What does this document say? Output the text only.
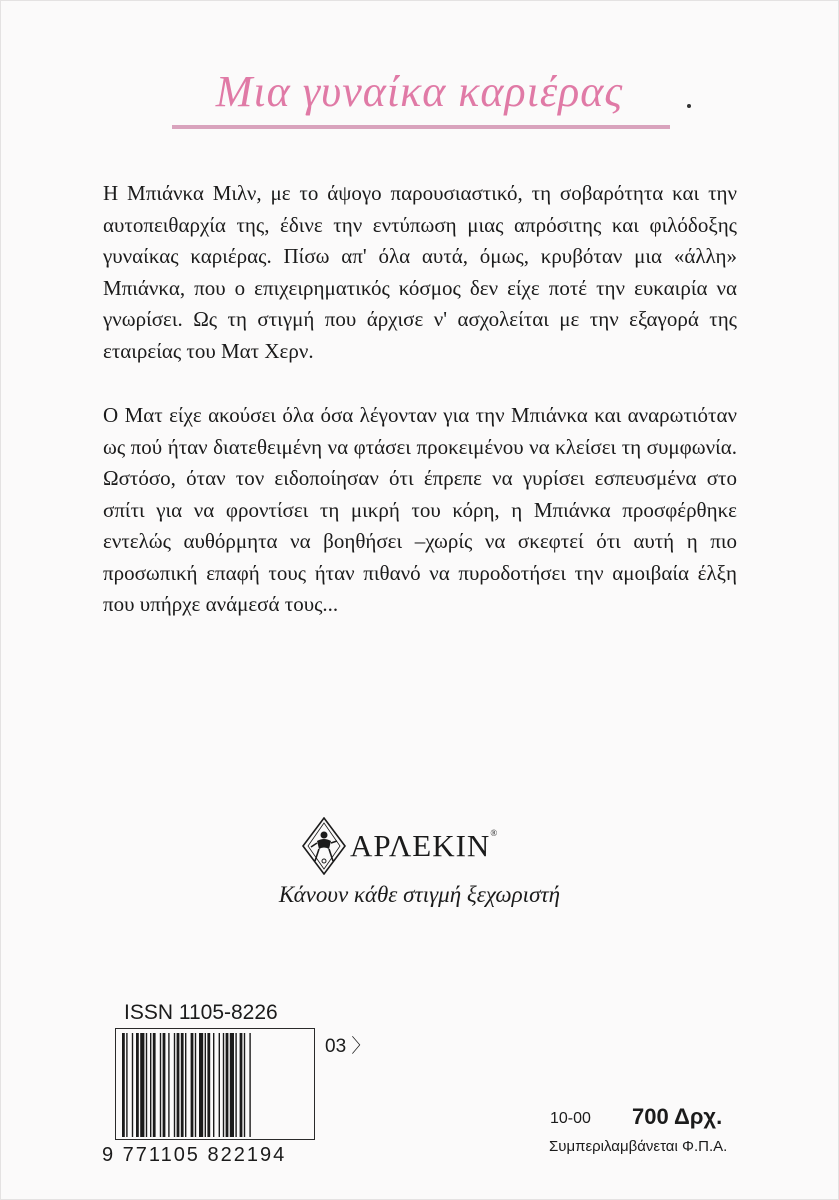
Μια γυναίκα καριέρας

Η Μπιάνκα Μιλν, με το άψογο παρουσιαστικό, τη σοβαρότητα και την αυτοπειθαρχία της, έδινε την εντύπωση μιας απρόσιτης και φιλόδοξης γυναίκας καριέρας. Πίσω απ' όλα αυτά, όμως, κρυβόταν μια «άλλη» Μπιάνκα, που ο επιχειρηματικός κόσμος δεν είχε ποτέ την ευκαιρία να γνωρίσει. Ως τη στιγμή που άρχισε ν' ασχολείται με την εξαγορά της εταιρείας του Ματ Χερν.

Ο Ματ είχε ακούσει όλα όσα λέγονταν για την Μπιάνκα και αναρωτιόταν ως πού ήταν διατεθειμένη να φτάσει προκειμένου να κλείσει τη συμφωνία. Ωστόσο, όταν τον ειδοποίησαν ότι έπρεπε να γυρίσει εσπευσμένα στο σπίτι για να φροντίσει τη μικρή του κόρη, η Μπιάνκα προσφέρθηκε εντελώς αυθόρμητα να βοηθήσει –χωρίς να σκεφτεί ότι αυτή η πιο προσωπική επαφή τους ήταν πιθανό να πυροδοτήσει την αμοιβαία έλξη που υπήρχε ανάμεσά τους...

ΑΡΛΕΚΙΝ®
Κάνουν κάθε στιγμή ξεχωριστή
ISSN 1105-8226
03 〉
9 771105 822194
10-00 700 Δρχ.
Συμπεριλαμβάνεται Φ.Π.Α.
